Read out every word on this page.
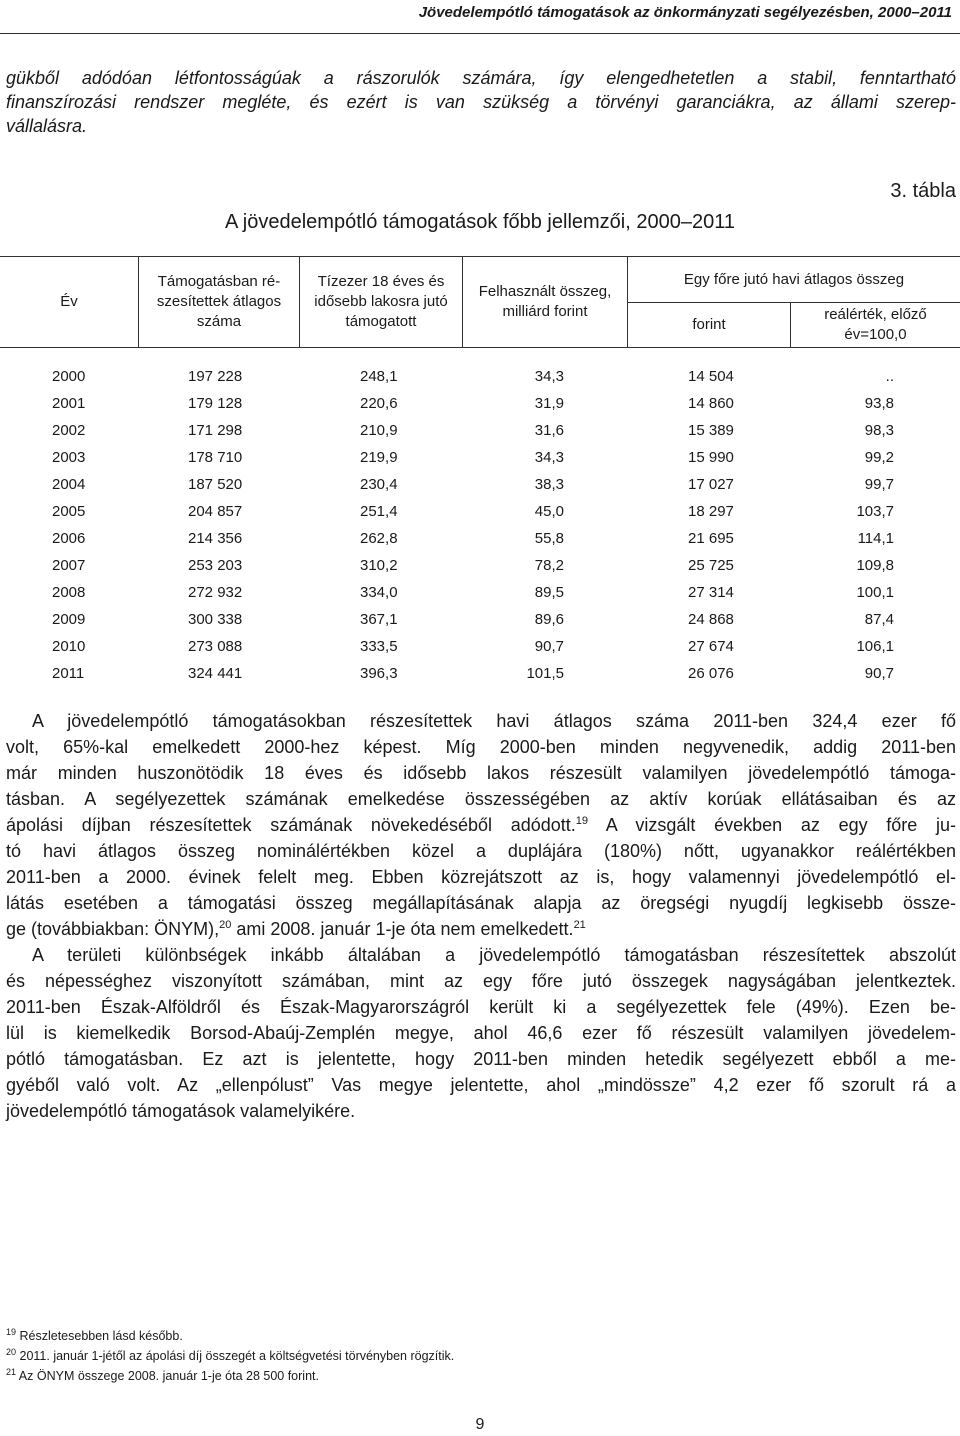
Jövedelempótló támogatások az önkormányzati segélyezésben, 2000–2011
gükből adódóan létfontosságúak a rászorulók számára, így elengedhetetlen a stabil, fenntartható
finanszírozási rendszer megléte, és ezért is van szükség a törvényi garanciákra, az állami szerep-
vállalásra.
3. tábla
A jövedelempótló támogatások főbb jellemzői, 2000–2011
Év
Támogatásban ré-szesítettek átlagos száma
Tízezer 18 éves és idősebb lakosra jutó támogatott
Felhasznált összeg, milliárd forint
Egy főre jutó havi átlagos összeg
forint
reálérték, előző év=100,0
2000	197 228	248,1	34,3	14 504	..
2001	179 128	220,6	31,9	14 860	93,8
2002	171 298	210,9	31,6	15 389	98,3
2003	178 710	219,9	34,3	15 990	99,2
2004	187 520	230,4	38,3	17 027	99,7
2005	204 857	251,4	45,0	18 297	103,7
2006	214 356	262,8	55,8	21 695	114,1
2007	253 203	310,2	78,2	25 725	109,8
2008	272 932	334,0	89,5	27 314	100,1
2009	300 338	367,1	89,6	24 868	87,4
2010	273 088	333,5	90,7	27 674	106,1
2011	324 441	396,3	101,5	26 076	90,7
A jövedelempótló támogatásokban részesítettek havi átlagos száma 2011-ben 324,4 ezer fő
volt, 65%-kal emelkedett 2000-hez képest. Míg 2000-ben minden negyvenedik, addig 2011-ben
már minden huszonötödik 18 éves és idősebb lakos részesült valamilyen jövedelempótló támoga-
tásban. A segélyezettek számának emelkedése összességében az aktív korúak ellátásaiban és az
ápolási díjban részesítettek számának növekedéséből adódott.$^{19}$ A vizsgált években az egy főre ju-
tó havi átlagos összeg nominálértékben közel a duplájára (180%) nőtt, ugyanakkor reálértékben
2011-ben a 2000. évinek felelt meg. Ebben közrejátszott az is, hogy valamennyi jövedelempótló el-
látás esetében a támogatási összeg megállapításának alapja az öregségi nyugdíj legkisebb össze-
ge (továbbiakban: ÖNYM),$^{20}$ ami 2008. január 1-je óta nem emelkedett.$^{21}$
A területi különbségek inkább általában a jövedelempótló támogatásban részesítettek abszolút
és népességhez viszonyított számában, mint az egy főre jutó összegek nagyságában jelentkeztek.
2011-ben Észak-Alföldről és Észak-Magyarországról került ki a segélyezettek fele (49%). Ezen be-
lül is kiemelkedik Borsod-Abaúj-Zemplén megye, ahol 46,6 ezer fő részesült valamilyen jövedelem-
pótló támogatásban. Ez azt is jelentette, hogy 2011-ben minden hetedik segélyezett ebből a me-
gyéből való volt. Az „ellenpólust” Vas megye jelentette, ahol „mindössze” 4,2 ezer fő szorult rá a
jövedelempótló támogatások valamelyikére.
$^{19}$ Részletesebben lásd később.
$^{20}$ 2011. január 1-jétől az ápolási díj összegét a költségvetési törvényben rögzítik.
$^{21}$ Az ÖNYM összege 2008. január 1-je óta 28 500 forint.
9
